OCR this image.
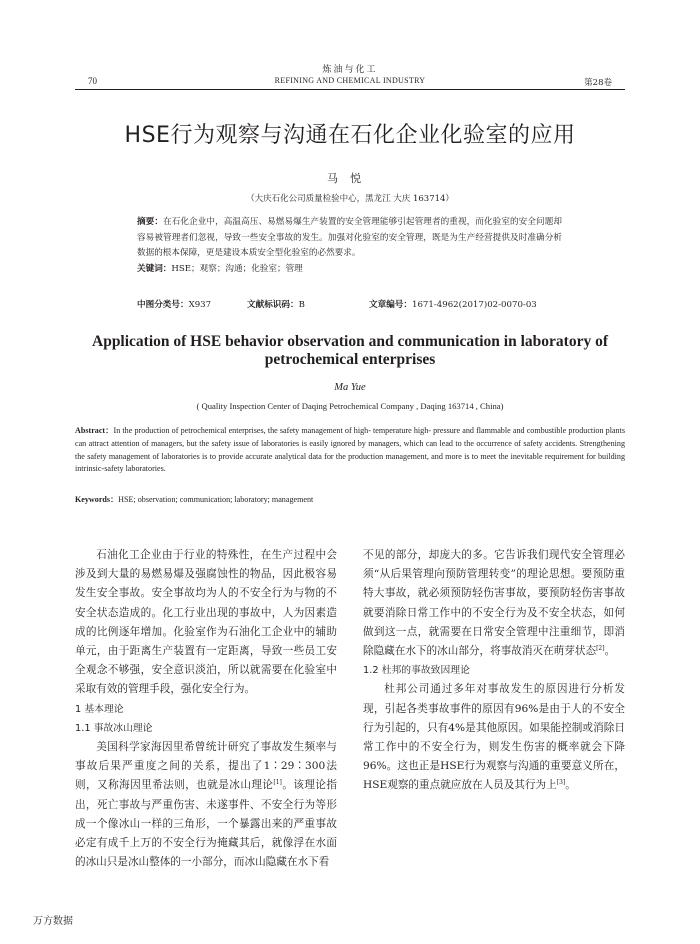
炼油与化工
70	REFINING AND CHEMICAL INDUSTRY	第28卷
HSE行为观察与沟通在石化企业化验室的应用
马悦
（大庆石化公司质量检验中心，黑龙江 大庆 163714）
摘要：在石化企业中，高温高压、易燃易爆生产装置的安全管理能够引起管理者的重视，而化验室的安全问题却容易被管理者们忽视，导致一些安全事故的发生。加强对化验室的安全管理，既是为生产经营提供及时准确分析数据的根本保障，更是建设本质安全型化验室的必然要求。
关键词：HSE；观察；沟通；化验室；管理
中图分类号：X937	文献标识码：B	文章编号：1671-4962(2017)02-0070-03
Application of HSE behavior observation and communication in laboratory of petrochemical enterprises
Ma Yue
( Quality Inspection Center of Daqing Petrochemical Company , Daqing 163714 , China)
Abstract：In the production of petrochemical enterprises, the safety management of high- temperature high- pressure and flammable and combustible production plants can attract attention of managers, but the safety issue of laboratories is easily ignored by managers, which can lead to the occurrence of safety accidents. Strengthening the safety management of laboratories is to provide accurate analytical data for the production management, and more is to meet the inevitable requirement for building intrinsic-safety laboratories.
Keywords：HSE; observation; communication; laboratory; management

石油化工企业由于行业的特殊性，在生产过程中会涉及到大量的易燃易爆及强腐蚀性的物品，因此极容易发生安全事故。安全事故均为人的不安全行为与物的不安全状态造成的。化工行业出现的事故中，人为因素造成的比例逐年增加。化验室作为石油化工企业中的辅助单元，由于距离生产装置有一定距离，导致一些员工安全观念不够强，安全意识淡泊，所以就需要在化验室中采取有效的管理手段，强化安全行为。

1 基本理论

1.1 事故冰山理论

美国科学家海因里希曾统计研究了事故发生频率与事故后果严重度之间的关系，提出了1∶29∶300法则，又称海因里希法则，也就是冰山理论[1]。该理论指出，死亡事故与严重伤害、未遂事件、不安全行为等形成一个像冰山一样的三角形，一个暴露出来的严重事故必定有成千上万的不安全行为掩藏其后，就像浮在水面的冰山只是冰山整体的一小部分，而冰山隐藏在水下看

不见的部分，却庞大的多。它告诉我们现代安全管理必须“从后果管理向预防管理转变”的理论思想。要预防重特大事故，就必须预防轻伤害事故，要预防轻伤害事故就要消除日常工作中的不安全行为及不安全状态，如何做到这一点，就需要在日常安全管理中注重细节，即消除隐藏在水下的冰山部分，将事故消灭在萌芽状态[2]。

1.2 杜邦的事故致因理论

杜邦公司通过多年对事故发生的原因进行分析发现，引起各类事故事件的原因有96%是由于人的不安全行为引起的，只有4%是其他原因。如果能控制或消除日常工作中的不安全行为，则发生伤害的概率就会下降96%。这也正是HSE行为观察与沟通的重要意义所在，HSE观察的重点就应放在人员及其行为上[3]。

万方数据
